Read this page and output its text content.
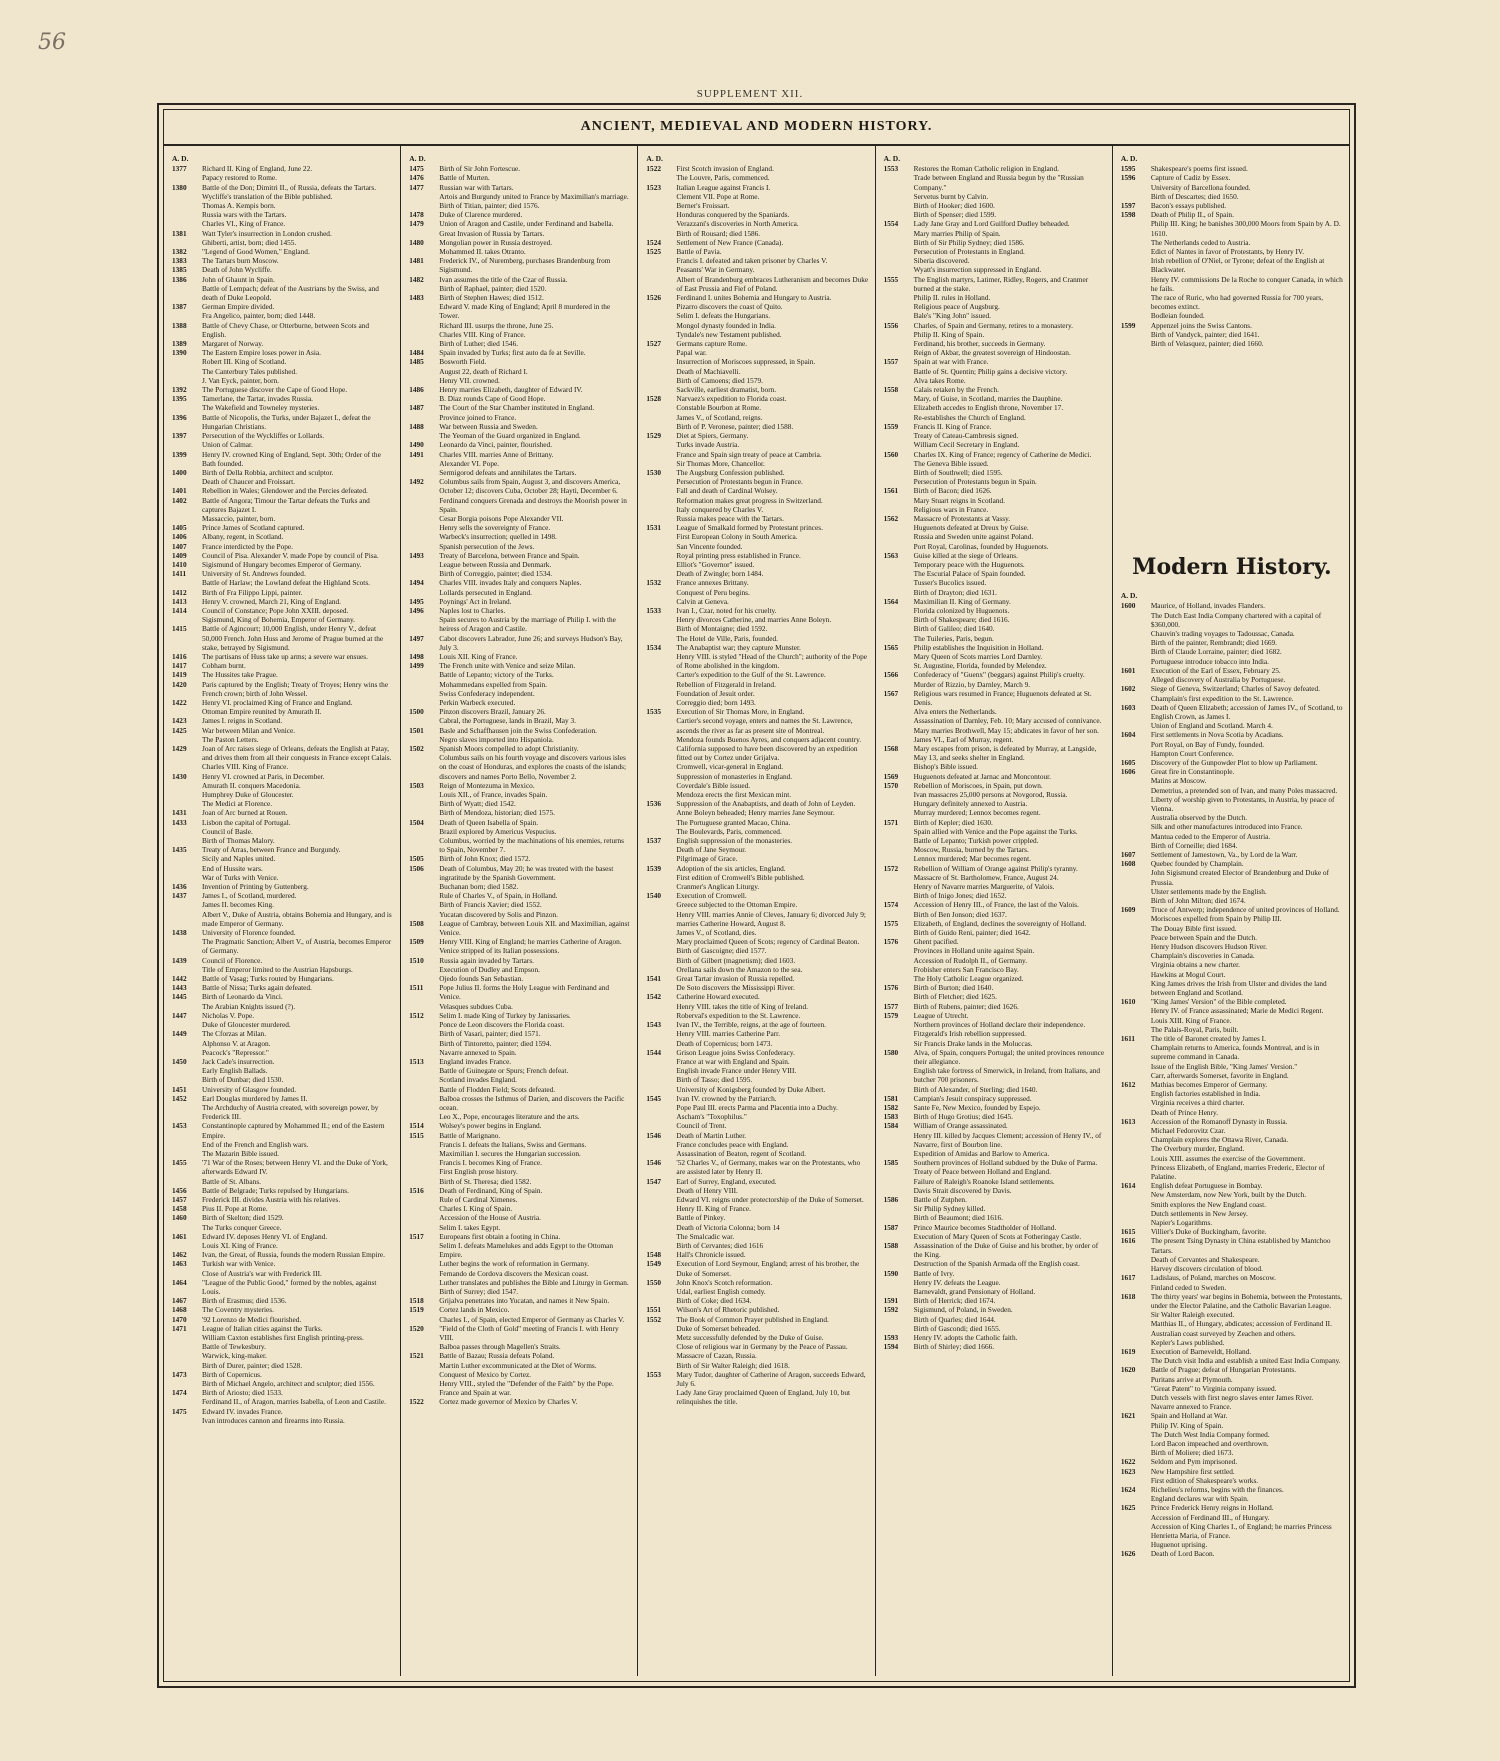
56
SUPPLEMENT XII.
ANCIENT, MEDIEVAL AND MODERN HISTORY.
A. D.
1377	Richard II. King of England, June 22.
Papacy restored to Rome.
1380	Battle of the Don; Dimitri II., of Russia, defeats the Tartars.
Wycliffe's translation of the Bible published.
Thomas A. Kempis born.
Russia wars with the Tartars.
Charles VI., King of France.
1381	Watt Tyler's insurrection in London crushed.
Ghiberti, artist, born; died 1455.
1382	"Legend of Good Women," England.
1383	The Tartars burn Moscow.
1385	Death of John Wycliffe.
1386	John of Ghaunt in Spain.
Battle of Lempach; defeat of the Austrians by the Swiss, and death of Duke Leopold.
1387	German Empire divided.
Fra Angelico, painter, born; died 1448.
1388	Battle of Chevy Chase, or Otterburne, between Scots and English.
1389	Margaret of Norway.
1390	The Eastern Empire loses power in Asia.
Robert III. King of Scotland.
The Canterbury Tales published.
J. Van Eyck, painter, born.
1392	The Portuguese discover the Cape of Good Hope.
1395	Tamerlane, the Tartar, invades Russia.
The Wakefield and Towneley mysteries.
1396	Battle of Nicopolis, the Turks, under Bajazet I., defeat the Hungarian Christians.
1397	Persecution of the Wyckliffes or Lollards.
Union of Calmar.
1399	Henry IV. crowned King of England, Sept. 30th; Order of the Bath founded.
1400	Birth of Della Robbia, architect and sculptor.
Death of Chaucer and Froissart.
1401	Rebellion in Wales; Glendower and the Percies defeated.
1402	Battle of Angora; Timour the Tartar defeats the Turks and captures Bajazet I.
Massaccio, painter, born.
1405	Prince James of Scotland captured.
1406	Albany, regent, in Scotland.
1407	France interdicted by the Pope.
1409	Council of Pisa. Alexander V. made Pope by council of Pisa.
1410	Sigismund of Hungary becomes Emperor of Germany.
1411	University of St. Andrews founded.
Battle of Harlaw; the Lowland defeat the Highland Scots.
1412	Birth of Fra Filippo Lippi, painter.
1413	Henry V. crowned, March 21, King of England.
1414	Council of Constance; Pope John XXIII. deposed.
Sigismund, King of Bohemia, Emperor of Germany.
1415	Battle of Agincourt; 10,000 English, under Henry V., defeat 50,000 French. John Huss and Jerome of Prague burned at the stake, betrayed by Sigismund.
1416	The partisans of Huss take up arms; a severe war ensues.
1417	Cobham burnt.
1419	The Hussites take Prague.
1420	Paris captured by the English; Treaty of Troyes; Henry wins the French crown; birth of John Wessel.
1422	Henry VI. proclaimed King of France and England.
Ottoman Empire reunited by Amurath II.
1423	James I. reigns in Scotland.
1425	War between Milan and Venice.
The Paston Letters.
1429	Joan of Arc raises siege of Orleans, defeats the English at Patay, and drives them from all their conquests in France except Calais.
Charles VIII. King of France.
1430	Henry VI. crowned at Paris, in December.
Amurath II. conquers Macedonia.
Humphrey Duke of Gloucester.
The Medici at Florence.
1431	Joan of Arc burned at Rouen.
1433	Lisbon the capital of Portugal.
Council of Basle.
Birth of Thomas Malory.
1435	Treaty of Arras, between France and Burgundy.
Sicily and Naples united.
End of Hussite wars.
War of Turks with Venice.
1436	Invention of Printing by Guttenberg.
1437	James I., of Scotland, murdered.
James II. becomes King.
Albert V., Duke of Austria, obtains Bohemia and Hungary, and is made Emperor of Germany.
1438	University of Florence founded.
The Pragmatic Sanction; Albert V., of Austria, becomes Emperor of Germany.
1439	Council of Florence.
Title of Emperor limited to the Austrian Hapsburgs.
1442	Battle of Vasag; Turks routed by Hungarians.
1443	Battle of Nissa; Turks again defeated.
1445	Birth of Leonardo da Vinci.
The Arabian Knights issued (?).
1447	Nicholas V. Pope.
Duke of Gloucester murdered.
1449	The Cforzas at Milan.
Alphonso V. at Aragon.
Peacock's "Repressor."
1450	Jack Cade's insurrection.
Early English Ballads.
Birth of Dunbar; died 1530.
1451	University of Glasgow founded.
1452	Earl Douglas murdered by James II.
The Archduchy of Austria created, with sovereign power, by Frederick III.
1453	Constantinople captured by Mohammed II.; end of the Eastern Empire.
End of the French and English wars.
The Mazarin Bible issued.
1455	'71 War of the Roses; between Henry VI. and the Duke of York, afterwards Edward IV.
Battle of St. Albans.
1456	Battle of Belgrade; Turks repulsed by Hungarians.
1457	Frederick III. divides Austria with his relatives.
1458	Pius II. Pope at Rome.
1460	Birth of Skelton; died 1529.
The Turks conquer Greece.
1461	Edward IV. deposes Henry VI. of England.
Louis XI. King of France.
1462	Ivan, the Great, of Russia, founds the modern Russian Empire.
1463	Turkish war with Venice.
Close of Austria's war with Frederick III.
1464	"League of the Public Good," formed by the nobles, against Louis.
1467	Birth of Erasmus; died 1536.
1468	The Coventry mysteries.
1470	'92 Lorenzo de Medici flourished.
1471	League of Italian cities against the Turks.
William Caxton establishes first English printing-press.
Battle of Tewkesbury.
Warwick, king-maker.
Birth of Durer, painter; died 1528.
1473	Birth of Copernicus.
Birth of Michael Angelo, architect and sculptor; died 1556.
1474	Birth of Ariosto; died 1533.
Ferdinand II., of Aragon, marries Isabella, of Leon and Castile.
1475	Edward IV. invades France.
Ivan introduces cannon and firearms into Russia.
A. D.
1475	Birth of Sir John Fortescue.
1476	Battle of Murten.
1477	Russian war with Tartars.
Artois and Burgundy united to France by Maximilian's marriage.
Birth of Titian, painter; died 1576.
1478	Duke of Clarence murdered.
1479	Union of Aragon and Castile, under Ferdinand and Isabella.
Great Invasion of Russia by Tartars.
1480	Mongolian power in Russia destroyed.
Mohammed II. takes Otranto.
1481	Frederick IV., of Nuremberg, purchases Brandenburg from Sigismund.
1482	Ivan assumes the title of the Czar of Russia.
Birth of Raphael, painter; died 1520.
1483	Birth of Stephen Hawes; died 1512.
Edward V. made King of England; April 8 murdered in the Tower.
Richard III. usurps the throne, June 25.
Charles VIII. King of France.
Birth of Luther; died 1546.
1484	Spain invaded by Turks; first auto da fe at Seville.
1485	Bosworth Field.
August 22, death of Richard I.
Henry VII. crowned.
1486	Henry marries Elizabeth, daughter of Edward IV.
B. Diaz rounds Cape of Good Hope.
1487	The Court of the Star Chamber instituted in England.
Province joined to France.
1488	War between Russia and Sweden.
The Yeoman of the Guard organized in England.
1490	Leonardo da Vinci, painter, flourished.
1491	Charles VIII. marries Anne of Brittany.
Alexander VI. Pope.
Sermigorod defeats and annihilates the Tartars.
1492	Columbus sails from Spain, August 3, and discovers America, October 12; discovers Cuba, October 28; Hayti, December 6.
Ferdinand conquers Grenada and destroys the Moorish power in Spain.
Cesar Borgia poisons Pope Alexander VII.
Henry sells the sovereignty of France.
Warbeck's insurrection; quelled in 1498.
Spanish persecution of the Jews.
1493	Treaty of Barcelona, between France and Spain.
League between Russia and Denmark.
Birth of Correggio, painter; died 1534.
1494	Charles VIII. invades Italy and conquers Naples.
Lollards persecuted in England.
1495	Poynings' Act in Ireland.
1496	Naples lost to Charles.
Spain secures to Austria by the marriage of Philip I. with the heiress of Aragon and Castile.
1497	Cabot discovers Labrador, June 26; and surveys Hudson's Bay, July 3.
1498	Louis XII. King of France.
1499	The French unite with Venice and seize Milan.
Battle of Lepanto; victory of the Turks.
Mohammedans expelled from Spain.
Swiss Confederacy independent.
Perkin Warbeck executed.
1500	Pinzon discovers Brazil, January 26.
Cabral, the Portuguese, lands in Brazil, May 3.
1501	Basle and Schaffhausen join the Swiss Confederation.
Negro slaves imported into Hispaniola.
1502	Spanish Moors compelled to adopt Christianity.
Columbus sails on his fourth voyage and discovers various isles on the coast of Honduras, and explores the coasts of the islands; discovers and names Porto Bello, November 2.
1503	Reign of Montezuma in Mexico.
Louis XII., of France, invades Spain.
Birth of Wyatt; died 1542.
Birth of Mendoza, historian; died 1575.
1504	Death of Queen Isabella of Spain.
Brazil explored by Americus Vespucius.
Columbus, worried by the machinations of his enemies, returns to Spain, November 7.
1505	Birth of John Knox; died 1572.
1506	Death of Columbus, May 20; he was treated with the basest ingratitude by the Spanish Government.
Buchanan born; died 1582.
Rule of Charles V., of Spain, in Holland.
Birth of Francis Xavier; died 1552.
Yucatan discovered by Solis and Pinzon.
1508	League of Cambray, between Louis XII. and Maximilian, against Venice.
1509	Henry VIII. King of England; he marries Catherine of Aragon.
Venice stripped of its Italian possessions.
1510	Russia again invaded by Tartars.
Execution of Dudley and Empson.
Ojedo founds San Sebastian.
1511	Pope Julius II. forms the Holy League with Ferdinand and Venice.
Velasques subdues Cuba.
1512	Selim I. made King of Turkey by Janissaries.
Ponce de Leon discovers the Florida coast.
Birth of Vasari, painter; died 1571.
Birth of Tintoretto, painter; died 1594.
Navarre annexed to Spain.
1513	England invades France.
Battle of Guinegate or Spurs; French defeat.
Scotland invades England.
Battle of Flodden Field; Scots defeated.
Balboa crosses the Isthmus of Darien, and discovers the Pacific ocean.
Leo X., Pope, encourages literature and the arts.
1514	Wolsey's power begins in England.
1515	Battle of Marignano.
Francis I. defeats the Italians, Swiss and Germans.
Maximilian I. secures the Hungarian succession.
Francis I. becomes King of France.
First English prose history.
Birth of St. Theresa; died 1582.
1516	Death of Ferdinand, King of Spain.
Rule of Cardinal Ximenes.
Charles I. King of Spain.
Accession of the House of Austria.
Selim I. takes Egypt.
1517	Europeans first obtain a footing in China.
Selim I. defeats Mamelukes and adds Egypt to the Ottoman Empire.
Luther begins the work of reformation in Germany.
Fernando de Cordova discovers the Mexican coast.
Luther translates and publishes the Bible and Liturgy in German.
Birth of Surrey; died 1547.
1518	Grijalva penetrates into Yucatan, and names it New Spain.
1519	Cortez lands in Mexico.
Charles I., of Spain, elected Emperor of Germany as Charles V.
1520	"Field of the Cloth of Gold" meeting of Francis I. with Henry VIII.
Balboa passes through Magellen's Straits.
1521	Battle of Bazau; Russia defeats Poland.
Martin Luther excommunicated at the Diet of Worms.
Conquest of Mexico by Cortez.
Henry VIII., styled the "Defender of the Faith" by the Pope.
France and Spain at war.
1522	Cortez made governor of Mexico by Charles V.
A. D.
1522	First Scotch invasion of England.
The Louvre, Paris, commenced.
1523	Italian League against Francis I.
Clement VII. Pope at Rome.
Berner's Froissart.
Honduras conquered by the Spaniards.
Verazzani's discoveries in North America.
Birth of Rousard; died 1586.
1524	Settlement of New France (Canada).
1525	Battle of Pavia.
Francis I. defeated and taken prisoner by Charles V.
Peasants' War in Germany.
Albert of Brandenburg embraces Lutheranism and becomes Duke of East Prussia and Fief of Poland.
1526	Ferdinand I. unites Bohemia and Hungary to Austria.
Pizarro discovers the coast of Quito.
Selim I. defeats the Hungarians.
Mongol dynasty founded in India.
Tyndale's new Testament published.
1527	Germans capture Rome.
Papal war.
Insurrection of Moriscoes suppressed, in Spain.
Death of Machiavelli.
Birth of Camoens; died 1579.
Sackville, earliest dramatist, born.
1528	Narvaez's expedition to Florida coast.
Constable Bourbon at Rome.
James V., of Scotland, reigns.
Birth of P. Veronese, painter; died 1588.
1529	Diet at Spiers, Germany.
Turks invade Austria.
France and Spain sign treaty of peace at Cambria.
Sir Thomas More, Chancellor.
1530	The Augsburg Confession published.
Persecution of Protestants begun in France.
Fall and death of Cardinal Wolsey.
Reformation makes great progress in Switzerland.
Italy conquered by Charles V.
Russia makes peace with the Tartars.
1531	League of Smalkald formed by Protestant princes.
First European Colony in South America.
San Vincente founded.
Royal printing press established in France.
Elliot's "Governor" issued.
Death of Zwingle; born 1484.
1532	France annexes Brittany.
Conquest of Peru begins.
Calvin at Geneva.
1533	Ivan I., Czar, noted for his cruelty.
Henry divorces Catherine, and marries Anne Boleyn.
Birth of Montaigne; died 1592.
The Hotel de Ville, Paris, founded.
1534	The Anabaptist war; they capture Munster.
Henry VIII. is styled "Head of the Church"; authority of the Pope of Rome abolished in the kingdom.
Carter's expedition to the Gulf of the St. Lawrence.
Rebellion of Fitzgerald in Ireland.
Foundation of Jesuit order.
Correggio died; born 1493.
1535	Execution of Sir Thomas More, in England.
Cartier's second voyage, enters and names the St. Lawrence, ascends the river as far as present site of Montreal.
Mendoza founds Buenos Ayres, and conquers adjacent country.
California supposed to have been discovered by an expedition fitted out by Cortez under Grijalva.
Cromwell, vicar-general in England.
Suppression of monasteries in England.
Coverdale's Bible issued.
Mendoza erects the first Mexican mint.
1536	Suppression of the Anabaptists, and death of John of Leyden.
Anne Boleyn beheaded; Henry marries Jane Seymour.
The Portuguese granted Macao, China.
The Boulevards, Paris, commenced.
1537	English suppression of the monasteries.
Death of Jane Seymour.
Pilgrimage of Grace.
1539	Adoption of the six articles, England.
First edition of Cromwell's Bible published.
Cranmer's Anglican Liturgy.
1540	Execution of Cromwell.
Greece subjected to the Ottoman Empire.
Henry VIII. marries Annie of Cleves, January 6; divorced July 9; marries Catherine Howard, August 8.
James V., of Scotland, dies.
Mary proclaimed Queen of Scots; regency of Cardinal Beaton.
Birth of Gascoigne; died 1577.
Birth of Gilbert (magnetism); died 1603.
Orellana sails down the Amazon to the sea.
1541	Great Tartar invasion of Russia repelled.
De Soto discovers the Mississippi River.
1542	Catherine Howard executed.
Henry VIII. takes the title of King of Ireland.
Roberval's expedition to the St. Lawrence.
1543	Ivan IV., the Terrible, reigns, at the age of fourteen.
Henry VIII. marries Catherine Parr.
Death of Copernicus; born 1473.
1544	Grison League joins Swiss Confederacy.
France at war with England and Spain.
English invade France under Henry VIII.
Birth of Tasso; died 1595.
University of Konigsberg founded by Duke Albert.
1545	Ivan IV. crowned by the Patriarch.
Pope Paul III. erects Parma and Placentia into a Duchy.
Ascham's "Toxophilus."
Council of Trent.
1546	Death of Martin Luther.
France concludes peace with England.
Assassination of Beaton, regent of Scotland.
1546	'52 Charles V., of Germany, makes war on the Protestants, who are assisted later by Henry II.
1547	Earl of Surrey, England, executed.
Death of Henry VIII.
Edward VI. reigns under protectorship of the Duke of Somerset.
Henry II. King of France.
Battle of Pinkey.
Death of Victoria Colonna; born 14
The Smalcadic war.
Birth of Cervantes; died 1616
1548	Hall's Chronicle issued.
1549	Execution of Lord Seymour, England; arrest of his brother, the Duke of Somerset.
1550	John Knox's Scotch reformation.
Udal, earliest English comedy.
Birth of Coke; died 1634.
1551	Wilson's Art of Rhetoric published.
1552	The Book of Common Prayer published in England.
Duke of Somerset beheaded.
Metz successfully defended by the Duke of Guise.
Close of religious war in Germany by the Peace of Passau.
Massacre of Cazan, Russia.
Birth of Sir Walter Raleigh; died 1618.
1553	Mary Tudor, daughter of Catherine of Aragon, succeeds Edward, July 6.
Lady Jane Gray proclaimed Queen of England, July 10, but relinquishes the title.
A. D.
1553	Restores the Roman Catholic religion in England.
Trade between England and Russia begun by the "Russian Company."
Servetus burnt by Calvin.
Birth of Hooker; died 1600.
Birth of Spenser; died 1599.
1554	Lady Jane Gray and Lord Guilford Dudley beheaded.
Mary marries Philip of Spain.
Birth of Sir Philip Sydney; died 1586.
Persecution of Protestants in England.
Siberia discovered.
Wyatt's insurrection suppressed in England.
1555	The English martyrs, Latimer, Ridley, Rogers, and Cranmer burned at the stake.
Philip II. rules in Holland.
Religious peace of Augsburg.
Bale's "King John" issued.
1556	Charles, of Spain and Germany, retires to a monastery.
Philip II. King of Spain.
Ferdinand, his brother, succeeds in Germany.
Reign of Akbar, the greatest sovereign of Hindoostan.
1557	Spain at war with France.
Battle of St. Quentin; Philip gains a decisive victory.
Alva takes Rome.
1558	Calais retaken by the French.
Mary, of Guise, in Scotland, marries the Dauphine.
Elizabeth accedes to English throne, November 17.
Re-establishes the Church of England.
1559	Francis II. King of France.
Treaty of Cateau-Cambresis signed.
William Cecil Secretary in England.
1560	Charles IX. King of France; regency of Catherine de Medici.
The Geneva Bible issued.
Birth of Southwell; died 1595.
Persecution of Protestants begun in Spain.
1561	Birth of Bacon; died 1626.
Mary Stuart reigns in Scotland.
Religious wars in France.
1562	Massacre of Protestants at Vassy.
Huguenots defeated at Dreux by Guise.
Russia and Sweden unite against Poland.
Port Royal, Carolinas, founded by Huguenots.
1563	Guise killed at the siege of Orleans.
Temporary peace with the Huguenots.
The Escurial Palace of Spain founded.
Tusser's Bucolics issued.
Birth of Drayton; died 1631.
1564	Maximilian II. King of Germany.
Florida colonized by Huguenots.
Birth of Shakespeare; died 1616.
Birth of Galileo; died 1640.
The Tuileries, Paris, begun.
1565	Philip establishes the Inquisition in Holland.
Mary Queen of Scots marries Lord Darnley.
St. Augustine, Florida, founded by Melendez.
1566	Confederacy of "Guenx" (beggars) against Philip's cruelty.
Murder of Rizzio, by Darnley, March 9.
1567	Religious wars resumed in France; Huguenots defeated at St. Denis.
Alva enters the Netherlands.
Assassination of Darnley, Feb. 10; Mary accused of connivance.
Mary marries Brothwell, May 15; abdicates in favor of her son.
James VI., Earl of Murray, regent.
1568	Mary escapes from prison, is defeated by Murray, at Langside, May 13, and seeks shelter in England.
Bishop's Bible issued.
1569	Huguenots defeated at Jarnac and Moncontour.
1570	Rebellion of Moriscoes, in Spain, put down.
Ivan massacres 25,000 persons at Novgorod, Russia.
Hungary definitely annexed to Austria.
Murray murdered; Lennox becomes regent.
1571	Birth of Kepler; died 1630.
Spain allied with Venice and the Pope against the Turks.
Battle of Lepanto; Turkish power crippled.
Moscow, Russia, burned by the Tartars.
Lennox murdered; Mar becomes regent.
1572	Rebellion of William of Orange against Philip's tyranny.
Massacre of St. Bartholomew, France, August 24.
Henry of Navarre marries Marguerite, of Valois.
Birth of Inigo Jones; died 1652.
1574	Accession of Henry III., of France, the last of the Valois.
Birth of Ben Jonson; died 1637.
1575	Elizabeth, of England, declines the sovereignty of Holland.
Birth of Guido Reni, painter; died 1642.
1576	Ghent pacified.
Provinces in Holland unite against Spain.
Accession of Rudolph II., of Germany.
Frobisher enters San Francisco Bay.
The Holy Catholic League organized.
1576	Birth of Burton; died 1640.
Birth of Fletcher; died 1625.
1577	Birth of Rubens, painter; died 1626.
1579	League of Utrecht.
Northern provinces of Holland declare their independence.
Fitzgerald's Irish rebellion suppressed.
Sir Francis Drake lands in the Moluccas.
1580	Alva, of Spain, conquers Portugal; the united provinces renounce their allegiance.
English take fortress of Smerwick, in Ireland, from Italians, and butcher 700 prisoners.
Birth of Alexander, of Sterling; died 1640.
1581	Campian's Jesuit conspiracy suppressed.
1582	Sante Fe, New Mexico, founded by Espejo.
1583	Birth of Hugo Grotius; died 1645.
1584	William of Orange assassinated.
Henry III. killed by Jacques Clement; accession of Henry IV., of Navarre, first of Bourbon line.
Expedition of Amidas and Barlow to America.
1585	Southern provinces of Holland subdued by the Duke of Parma.
Treaty of Peace between Holland and England.
Failure of Raleigh's Roanoke Island settlements.
Davis Strait discovered by Davis.
1586	Battle of Zutphen.
Sir Philip Sydney killed.
Birth of Beaumont; died 1616.
1587	Prince Maurice becomes Stadtholder of Holland.
Execution of Mary Queen of Scots at Fotheringay Castle.
1588	Assassination of the Duke of Guise and his brother, by order of the King.
Destruction of the Spanish Armada off the English coast.
1590	Battle of Ivry.
Henry IV. defeats the League.
Barnevaldt, grand Pensionary of Holland.
1591	Birth of Herrick; died 1674.
1592	Sigismund, of Poland, in Sweden.
Birth of Quarles; died 1644.
Birth of Gascondi; died 1655.
1593	Henry IV. adopts the Catholic faith.
1594	Birth of Shirley; died 1666.
A. D.
1595	Shakespeare's poems first issued.
1596	Capture of Cadiz by Essex.
University of Barcellona founded.
Birth of Descartes; died 1650.
1597	Bacon's essays published.
1598	Death of Philip II., of Spain.
Philip III. King; he banishes 300,000 Moors from Spain by A. D. 1610.
The Netherlands ceded to Austria.
Edict of Nantes in favor of Protestants, by Henry IV.
Irish rebellion of O'Niel, or Tyrone; defeat of the English at Blackwater.
Henry IV. commissions De la Roche to conquer Canada, in which he fails.
The race of Ruric, who had governed Russia for 700 years, becomes extinct.
Bodleian founded.
1599	Appenzel joins the Swiss Cantons.
Birth of Vandyck, painter; died 1641.
Birth of Velasquez, painter; died 1660.
Modern History.
A. D.
1600	Maurice, of Holland, invades Flanders.
The Dutch East India Company chartered with a capital of $360,000.
Chauvin's trading voyages to Tadoussac, Canada.
Birth of the painter, Rembrandt; died 1669.
Birth of Claude Lorraine, painter; died 1682.
Portuguese introduce tobacco into India.
1601	Execution of the Earl of Essex, February 25.
Alleged discovery of Australia by Portuguese.
1602	Siege of Geneva, Switzerland; Charles of Savoy defeated.
Champlain's first expedition to the St. Lawrence.
1603	Death of Queen Elizabeth; accession of James IV., of Scotland, to English Crown, as James I.
Union of England and Scotland. March 4.
1604	First settlements in Nova Scotia by Acadians.
Port Royal, on Bay of Fundy, founded.
Hampton Court Conference.
1605	Discovery of the Gunpowder Plot to blow up Parliament.
1606	Great fire in Constantinople.
Matins at Moscow.
Demetrius, a pretended son of Ivan, and many Poles massacred.
Liberty of worship given to Protestants, in Austria, by peace of Vienna.
Australia observed by the Dutch.
Silk and other manufactures introduced into France.
Mantua ceded to the Emperor of Austria.
Birth of Corneille; died 1684.
1607	Settlement of Jamestown, Va., by Lord de la Warr.
1608	Quebec founded by Champlain.
John Sigismund created Elector of Brandenburg and Duke of Prussia.
Ulster settlements made by the English.
Birth of John Milton; died 1674.
1609	Truce of Antwerp; independence of united provinces of Holland.
Moriscoes expelled from Spain by Philip III.
The Douay Bible first issued.
Peace between Spain and the Dutch.
Henry Hudson discovers Hudson River.
Champlain's discoveries in Canada.
Virginia obtains a new charter.
Hawkins at Mogul Court.
King James drives the Irish from Ulster and divides the land between England and Scotland.
1610	"King James' Version" of the Bible completed.
Henry IV. of France assassinated; Marie de Medici Regent.
Louis XIII. King of France.
The Palais-Royal, Paris, built.
1611	The title of Baronet created by James I.
Champlain returns to America, founds Montreal, and is in supreme command in Canada.
Issue of the English Bible, "King James' Version."
Carr, afterwards Somerset, favorite in England.
1612	Mathias becomes Emperor of Germany.
English factories established in India.
Virginia receives a third charter.
Death of Prince Henry.
1613	Accession of the Romanoff Dynasty in Russia.
Michael Fedorovitz Czar.
Champlain explores the Ottawa River, Canada.
The Overbury murder, England.
Louis XIII. assumes the exercise of the Government.
Princess Elizabeth, of England, marries Frederic, Elector of Palatine.
1614	English defeat Portuguese in Bombay.
New Amsterdam, now New York, built by the Dutch.
Smith explores the New England coast.
Dutch settlements in New Jersey.
Napier's Logarithms.
1615	Villier's Duke of Buckingham, favorite.
1616	The present Tsing Dynasty in China established by Mantchoo Tartars.
Death of Cervantes and Shakespeare.
Harvey discovers circulation of blood.
1617	Ladislaus, of Poland, marches on Moscow.
Finland ceded to Sweden.
1618	The thirty years' war begins in Bohemia, between the Protestants, under the Elector Palatine, and the Catholic Bavarian League.
Sir Walter Raleigh executed.
Matthias II., of Hungary, abdicates; accession of Ferdinand II.
Australian coast surveyed by Zeachen and others.
Kepler's Laws published.
1619	Execution of Barneveldt, Holland.
The Dutch visit India and establish a united East India Company.
1620	Battle of Prague; defeat of Hungarian Protestants.
Puritans arrive at Plymouth.
"Great Patent" to Virginia company issued.
Dutch vessels with first negro slaves enter James River.
Navarre annexed to France.
1621	Spain and Holland at War.
Philip IV. King of Spain.
The Dutch West India Company formed.
Lord Bacon impeached and overthrown.
Birth of Moliere; died 1673.
1622	Seldom and Pym imprisoned.
1623	New Hampshire first settled.
First edition of Shakespeare's works.
1624	Richelieu's reforms, begins with the finances.
England declares war with Spain.
1625	Prince Frederick Henry reigns in Holland.
Accession of Ferdinand III., of Hungary.
Accession of King Charles I., of England; he marries Princess Henrietta Maria, of France.
Huguenot uprising.
1626	Death of Lord Bacon.
